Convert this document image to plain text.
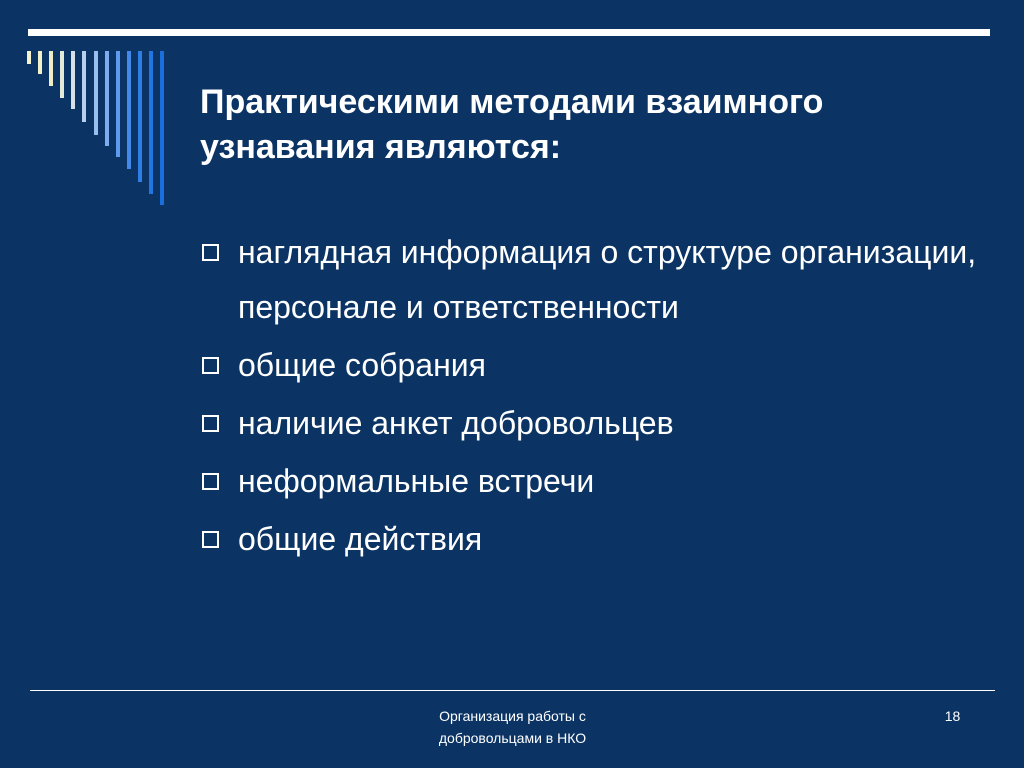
Практическими методами взаимного узнавания являются:
наглядная информация о структуре организации, персонале и ответственности
общие собрания
наличие анкет добровольцев
неформальные встречи
общие действия
Организация работы с добровольцами в НКО
18
